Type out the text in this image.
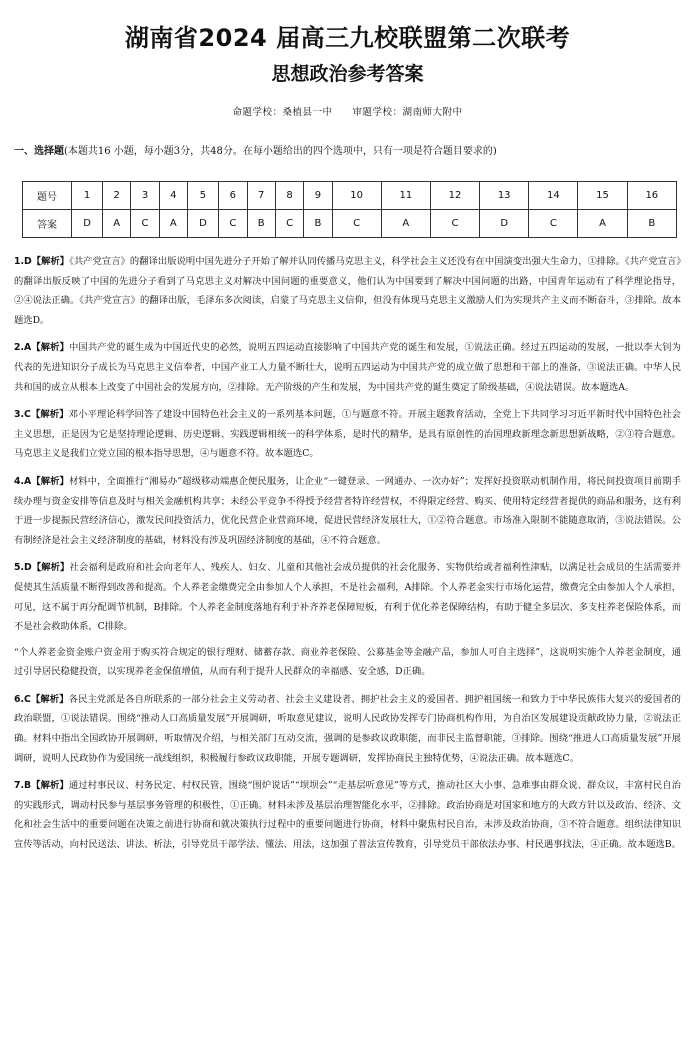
湖南省2024 届高三九校联盟第二次联考
思想政治参考答案
命题学校：桑植县一中　　审题学校：湖南师大附中
一、选择题(本题共16 小题，每小题3分，共48分。在每小题给出的四个选项中，只有一项是符合题目要求的)
题号	1	2	3	4	5	6	7	8	9	10	11	12	13	14	15	16
答案	D	A	C	A	D	C	B	C	B	C	A	C	D	C	A	B
1.D【解析】《共产党宣言》的翻译出版说明中国先进分子开始了解并认同传播马克思主义，科学社会主义还没有在中国演变出强大生命力，①排除。《共产党宣言》的翻译出版反映了中国的先进分子看到了马克思主义对解决中国问题的重要意义，他们认为中国要到了解决中国问题的出路，中国青年运动有了科学理论指导，②④说法正确。《共产党宣言》的翻译出版，毛泽东多次阅读，启蒙了马克思主义信仰，但没有体现马克思主义激励人们为实现共产主义而不断奋斗，③排除。故本题选D。
2.A【解析】中国共产党的诞生成为中国近代史的必然，说明五四运动直接影响了中国共产党的诞生和发展，①说法正确。经过五四运动的发展，一批以李大钊为代表的先进知识分子成长为马克思主义信奉者，中国产业工人力量不断壮大，说明五四运动为中国共产党的成立做了思想和干部上的准备，③说法正确。中华人民共和国的成立从根本上改变了中国社会的发展方向，②排除。无产阶级的产生和发展，为中国共产党的诞生奠定了阶级基础，④说法错误。故本题选A。
3.C【解析】邓小平理论科学回答了建设中国特色社会主义的一系列基本问题，①与题意不符。开展主题教育活动，全党上下共同学习习近平新时代中国特色社会主义思想，正是因为它是坚持理论逻辑、历史逻辑、实践逻辑相统一的科学体系，是时代的精华，是具有原创性的治国理政新理念新思想新战略，②③符合题意。马克思主义是我们立党立国的根本指导思想，④与题意不符。故本题选C。
4.A【解析】材料中，全面推行“湘易办”超级移动端惠企便民服务，让企业“一键登录、一网通办、一次办好”；发挥好投资联动机制作用，将民间投资项目前期手续办理与资金安排等信息及时与相关金融机构共享；未经公平竞争不得授予经营者特许经营权，不得限定经营、购买、使用特定经营者提供的商品和服务，这有利于进一步提振民营经济信心，激发民间投资活力，优化民营企业营商环境，促进民营经济发展壮大，①②符合题意。市场准入限制不能随意取消，③说法错误。公有制经济是社会主义经济制度的基础，材料没有涉及巩固经济制度的基础，④不符合题意。
5.D【解析】社会福利是政府和社会向老年人、残疾人、妇女、儿童和其他社会成员提供的社会化服务、实物供给或者福利性津贴，以满足社会成员的生活需要并促使其生活质量不断得到改善和提高。个人养老金缴费完全由参加人个人承担，不是社会福利，A排除。个人养老金实行市场化运营，缴费完全由参加人个人承担，可见，这不属于再分配调节机制，B排除。个人养老金制度落地有利于补齐养老保障短板，有利于优化养老保障结构，有助于健全多层次、多支柱养老保险体系，而不是社会救助体系，C排除。
“个人养老金资金账户资金用于购买符合规定的银行理财、储蓄存款、商业养老保险、公募基金等金融产品，参加人可自主选择”，这说明实施个人养老金制度，通过引导居民稳健投资，以实现养老金保值增值，从而有利于提升人民群众的幸福感、安全感，D正确。
6.C【解析】各民主党派是各自所联系的一部分社会主义劳动者、社会主义建设者、拥护社会主义的爱国者、拥护祖国统一和致力于中华民族伟大复兴的爱国者的政治联盟，①说法错误。围绕“推动人口高质量发展”开展调研，听取意见建议，说明人民政协发挥专门协商机构作用，为自治区发展建设贡献政协力量，②说法正确。材料中指出全国政协开展调研，听取情况介绍，与相关部门互动交流，强调的是参政议政职能，而非民主监督职能，③排除。围绕“推进人口高质量发展”开展调研，说明人民政协作为爱国统一战线组织，积极履行参政议政职能，开展专题调研，发挥协商民主独特优势，④说法正确。故本题选C。
7.B【解析】通过村事民议、村务民定、村权民管，围绕“围炉说话”“坝坝会”“走基层听意见”等方式，推动社区大小事、急难事由群众说、群众议，丰富村民自治的实践形式，调动村民参与基层事务管理的积极性，①正确。材料未涉及基层治理智能化水平，②排除。政治协商是对国家和地方的大政方针以及政治、经济、文化和社会生活中的重要问题在决策之前进行协商和就决策执行过程中的重要问题进行协商，材料中聚焦村民自治，未涉及政治协商，③不符合题意。组织法律知识宣传等活动，向村民送法、讲法、析法，引导党员干部学法、懂法、用法，这加强了普法宣传教育，引导党员干部依法办事、村民遇事找法，④正确。故本题选B。
